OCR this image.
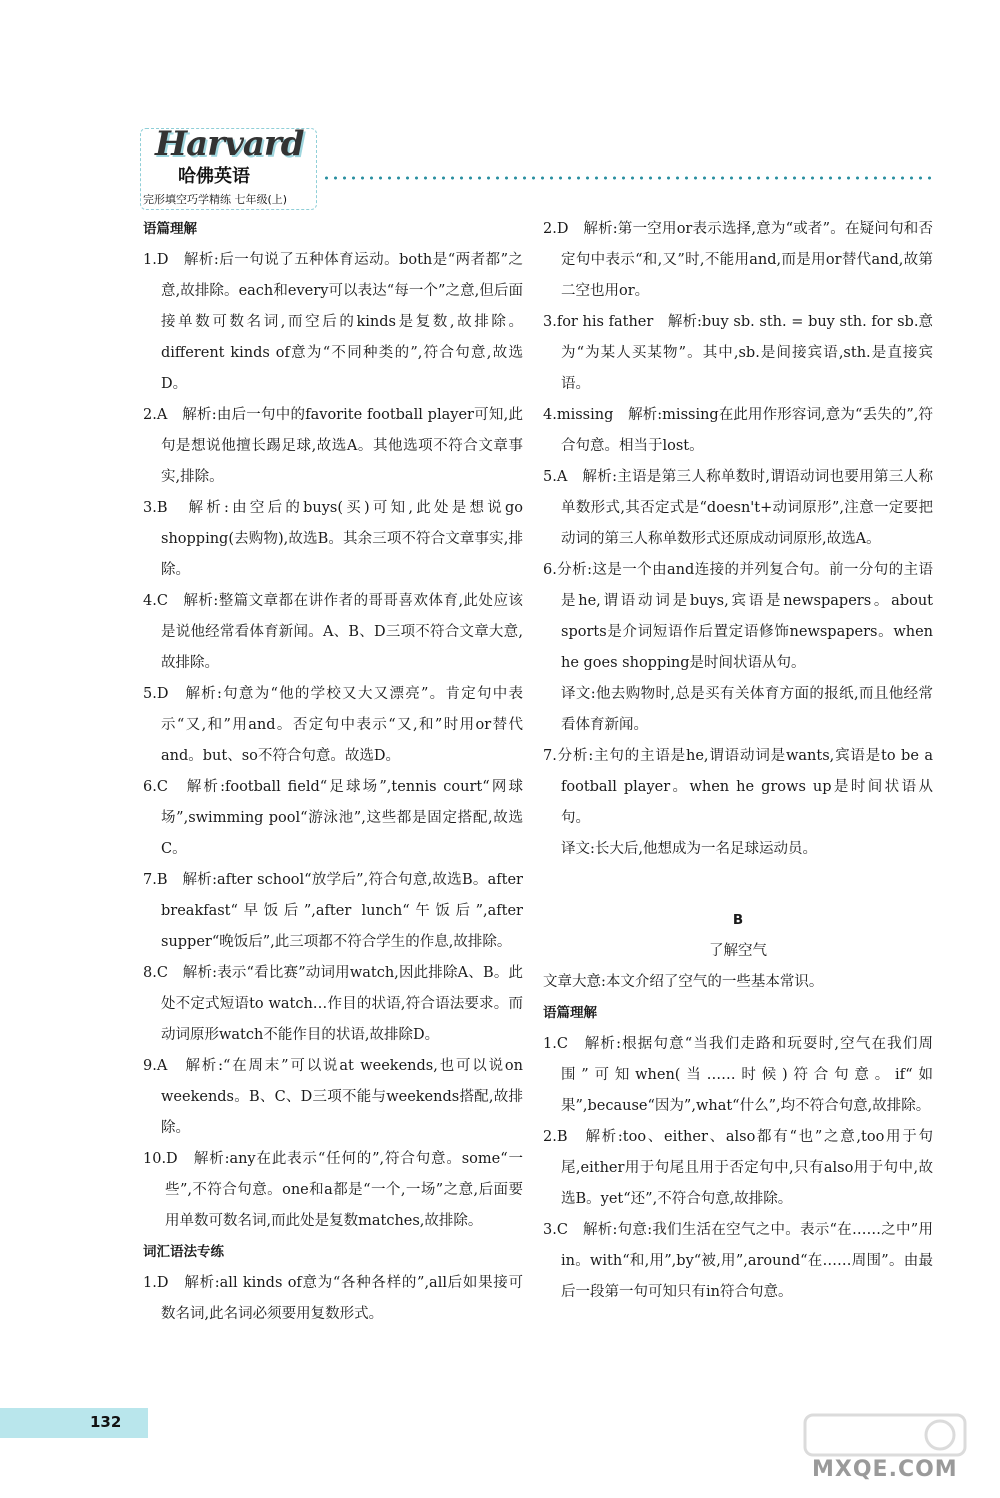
Harvard
哈佛英语
完形填空巧学精练 七年级(上)

语篇理解

1.D　解析:后一句说了五种体育运动。both是“两者都”之意,故排除。each和every可以表达“每一个”之意,但后面接单数可数名词,而空后的kinds是复数,故排除。different kinds of意为“不同种类的”,符合句意,故选D。

2.A　解析:由后一句中的favorite football player可知,此句是想说他擅长踢足球,故选A。其他选项不符合文章事实,排除。

3.B　解析:由空后的buys(买)可知,此处是想说go shopping(去购物),故选B。其余三项不符合文章事实,排除。

4.C　解析:整篇文章都在讲作者的哥哥喜欢体育,此处应该是说他经常看体育新闻。A、B、D三项不符合文章大意,故排除。

5.D　解析:句意为“他的学校又大又漂亮”。肯定句中表示“又,和”用and。否定句中表示“又,和”时用or替代and。but、so不符合句意。故选D。

6.C　解析:football field“足球场”,tennis court“网球场”,swimming pool“游泳池”,这些都是固定搭配,故选C。

7.B　解析:after school“放学后”,符合句意,故选B。after breakfast“早饭后”,after lunch“午饭后”,after supper“晚饭后”,此三项都不符合学生的作息,故排除。

8.C　解析:表示“看比赛”动词用watch,因此排除A、B。此处不定式短语to watch…作目的状语,符合语法要求。而动词原形watch不能作目的状语,故排除D。

9.A　解析:“在周末”可以说at weekends,也可以说on weekends。B、C、D三项不能与weekends搭配,故排除。

10.D　解析:any在此表示“任何的”,符合句意。some“一些”,不符合句意。one和a都是“一个,一场”之意,后面要用单数可数名词,而此处是复数matches,故排除。

词汇语法专练

1.D　解析:all kinds of意为“各种各样的”,all后如果接可数名词,此名词必须要用复数形式。

2.D　解析:第一空用or表示选择,意为“或者”。在疑问句和否定句中表示“和,又”时,不能用and,而是用or替代and,故第二空也用or。

3.for his father　解析:buy sb. sth. = buy sth. for sb.意为“为某人买某物”。其中,sb.是间接宾语,sth.是直接宾语。

4.missing　解析:missing在此用作形容词,意为“丢失的”,符合句意。相当于lost。

5.A　解析:主语是第三人称单数时,谓语动词也要用第三人称单数形式,其否定式是“doesn't+动词原形”,注意一定要把动词的第三人称单数形式还原成动词原形,故选A。

6.分析:这是一个由and连接的并列复合句。前一分句的主语是he,谓语动词是buys,宾语是newspapers。about sports是介词短语作后置定语修饰newspapers。when he goes shopping是时间状语从句。

译文:他去购物时,总是买有关体育方面的报纸,而且他经常看体育新闻。

7.分析:主句的主语是he,谓语动词是wants,宾语是to be a football player。when he grows up是时间状语从句。

译文:长大后,他想成为一名足球运动员。

B

了解空气

文章大意:本文介绍了空气的一些基本常识。

语篇理解

1.C　解析:根据句意“当我们走路和玩耍时,空气在我们周围”可知when(当……时候)符合句意。if“如果”,because“因为”,what“什么”,均不符合句意,故排除。

2.B　解析:too、either、also都有“也”之意,too用于句尾,either用于句尾且用于否定句中,只有also用于句中,故选B。yet“还”,不符合句意,故排除。

3.C　解析:句意:我们生活在空气之中。表示“在……之中”用in。with“和,用”,by“被,用”,around“在……周围”。由最后一段第一句可知只有in符合句意。

132
MXQE.COM
